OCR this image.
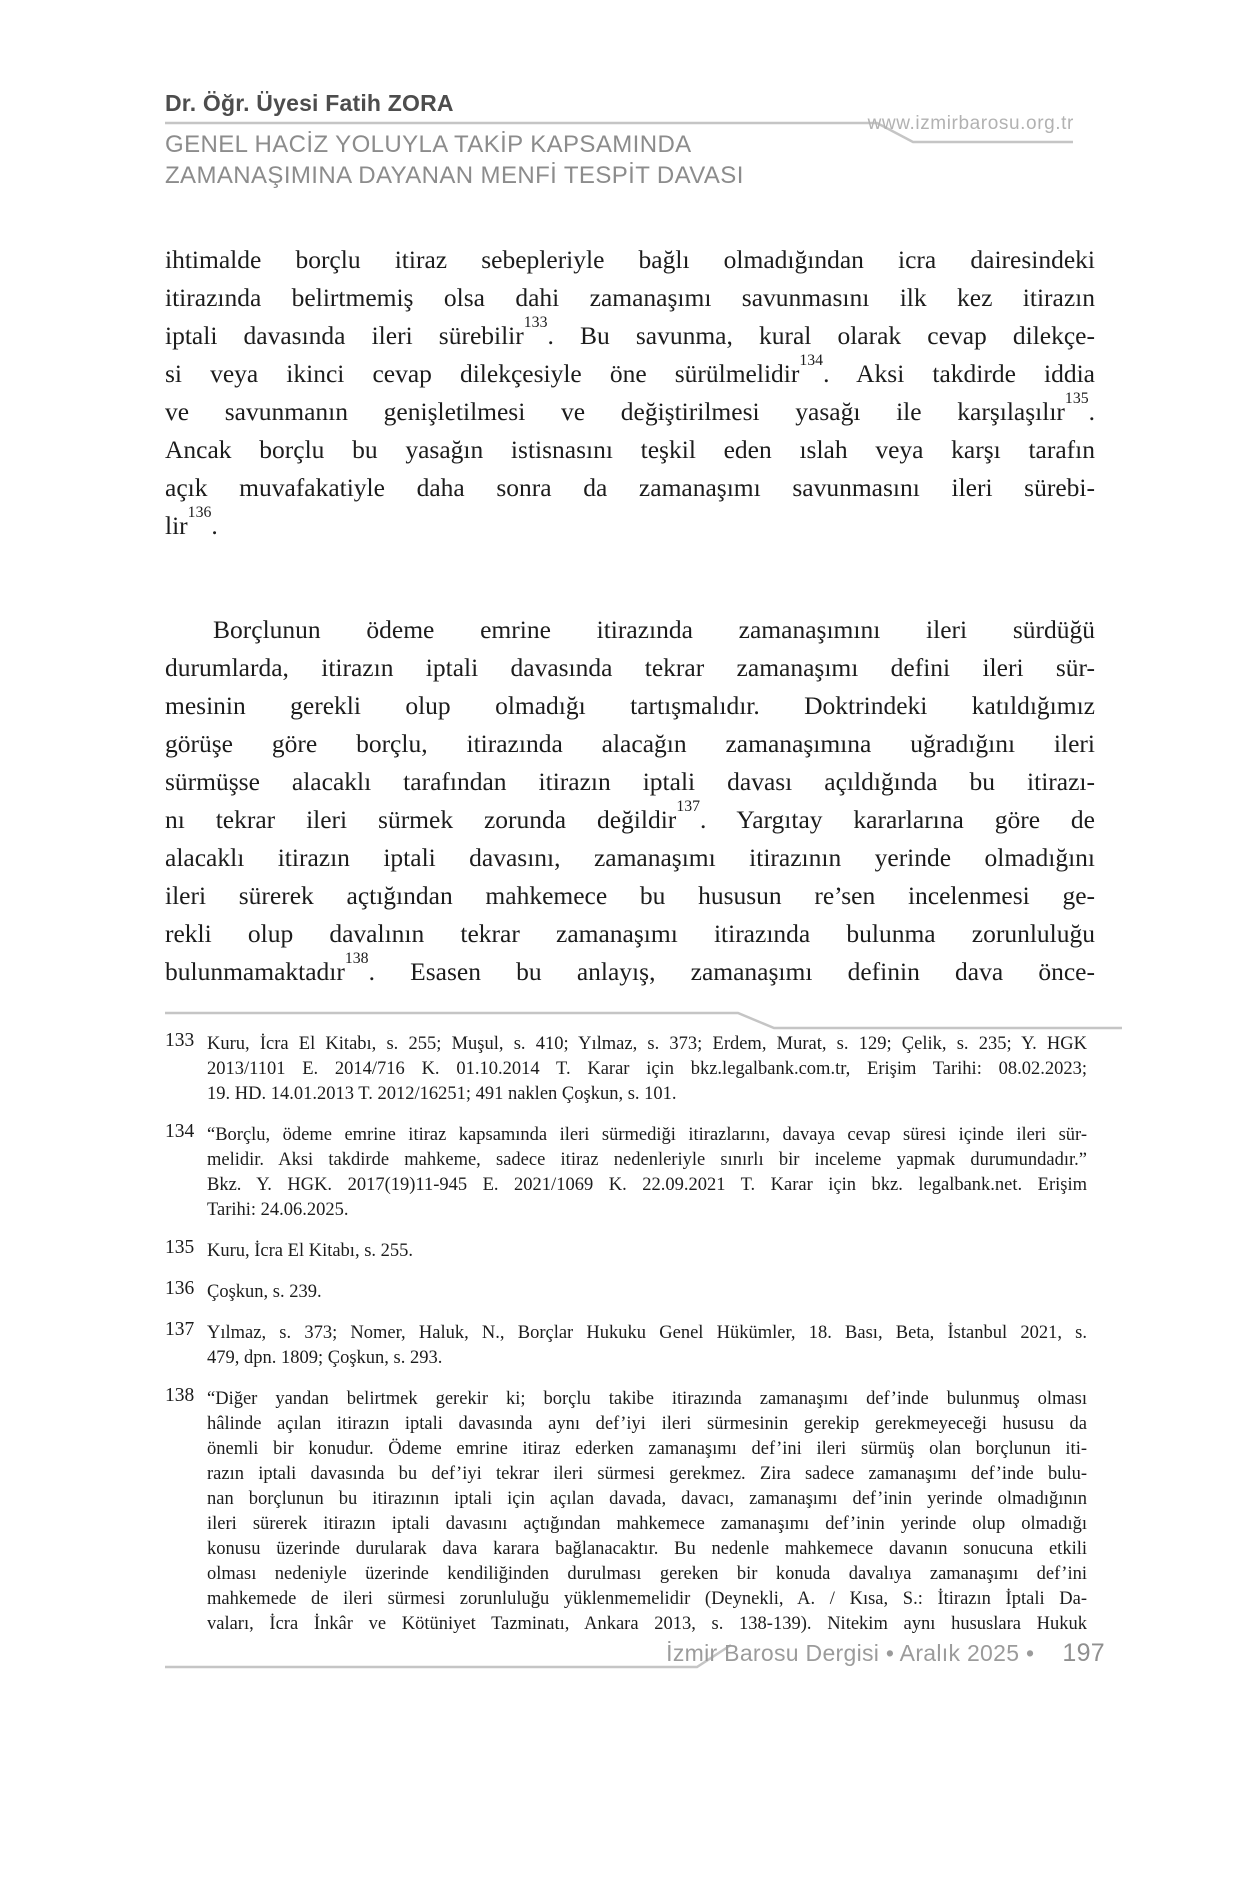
Dr. Öğr. Üyesi Fatih ZORA
www.izmirbarosu.org.tr
GENEL HACİZ YOLUYLA TAKİP KAPSAMINDA
ZAMANAŞIMINA DAYANAN MENFİ TESPİT DAVASI
ihtimalde borçlu itiraz sebepleriyle bağlı olmadığından icra dairesindeki
itirazında belirtmemiş olsa dahi zamanaşımı savunmasını ilk kez itirazın
iptali davasında ileri sürebilir$^{133}$. Bu savunma, kural olarak cevap dilekçe-
si veya ikinci cevap dilekçesiyle öne sürülmelidir$^{134}$. Aksi takdirde iddia
ve savunmanın genişletilmesi ve değiştirilmesi yasağı ile karşılaşılır$^{135}$.
Ancak borçlu bu yasağın istisnasını teşkil eden ıslah veya karşı tarafın
açık muvafakatiyle daha sonra da zamanaşımı savunmasını ileri sürebi-
lir$^{136}$.
Borçlunun ödeme emrine itirazında zamanaşımını ileri sürdüğü
durumlarda, itirazın iptali davasında tekrar zamanaşımı defini ileri sür-
mesinin gerekli olup olmadığı tartışmalıdır. Doktrindeki katıldığımız
görüşe göre borçlu, itirazında alacağın zamanaşımına uğradığını ileri
sürmüşse alacaklı tarafından itirazın iptali davası açıldığında bu itirazı-
nı tekrar ileri sürmek zorunda değildir$^{137}$. Yargıtay kararlarına göre de
alacaklı itirazın iptali davasını, zamanaşımı itirazının yerinde olmadığını
ileri sürerek açtığından mahkemece bu hususun re’sen incelenmesi ge-
rekli olup davalının tekrar zamanaşımı itirazında bulunma zorunluluğu
bulunmamaktadır$^{138}$. Esasen bu anlayış, zamanaşımı definin dava önce-
133 Kuru, İcra El Kitabı, s. 255; Muşul, s. 410; Yılmaz, s. 373; Erdem, Murat, s. 129; Çelik, s. 235; Y. HGK
2013/1101 E. 2014/716 K. 01.10.2014 T. Karar için bkz.legalbank.com.tr, Erişim Tarihi: 08.02.2023;
19. HD. 14.01.2013 T. 2012/16251; 491 naklen Çoşkun, s. 101.
134 “Borçlu, ödeme emrine itiraz kapsamında ileri sürmediği itirazlarını, davaya cevap süresi içinde ileri sür-
melidir. Aksi takdirde mahkeme, sadece itiraz nedenleriyle sınırlı bir inceleme yapmak durumundadır.”
Bkz. Y. HGK. 2017(19)11-945 E. 2021/1069 K. 22.09.2021 T. Karar için bkz. legalbank.net. Erişim
Tarihi: 24.06.2025.
135 Kuru, İcra El Kitabı, s. 255.
136 Çoşkun, s. 239.
137 Yılmaz, s. 373; Nomer, Haluk, N., Borçlar Hukuku Genel Hükümler, 18. Bası, Beta, İstanbul 2021, s.
479, dpn. 1809; Çoşkun, s. 293.
138 “Diğer yandan belirtmek gerekir ki; borçlu takibe itirazında zamanaşımı def’inde bulunmuş olması
hâlinde açılan itirazın iptali davasında aynı def’iyi ileri sürmesinin gerekip gerekmeyeceği hususu da
önemli bir konudur. Ödeme emrine itiraz ederken zamanaşımı def’ini ileri sürmüş olan borçlunun iti-
razın iptali davasında bu def’iyi tekrar ileri sürmesi gerekmez. Zira sadece zamanaşımı def’inde bulu-
nan borçlunun bu itirazının iptali için açılan davada, davacı, zamanaşımı def’inin yerinde olmadığının
ileri sürerek itirazın iptali davasını açtığından mahkemece zamanaşımı def’inin yerinde olup olmadığı
konusu üzerinde durularak dava karara bağlanacaktır. Bu nedenle mahkemece davanın sonucuna etkili
olması nedeniyle üzerinde kendiliğinden durulması gereken bir konuda davalıya zamanaşımı def’ini
mahkemede de ileri sürmesi zorunluluğu yüklenmemelidir (Deynekli, A. / Kısa, S.: İtirazın İptali Da-
vaları, İcra İnkâr ve Kötüniyet Tazminatı, Ankara 2013, s. 138-139). Nitekim aynı hususlara Hukuk
İzmir Barosu Dergisi • Aralık 2025 • 197
